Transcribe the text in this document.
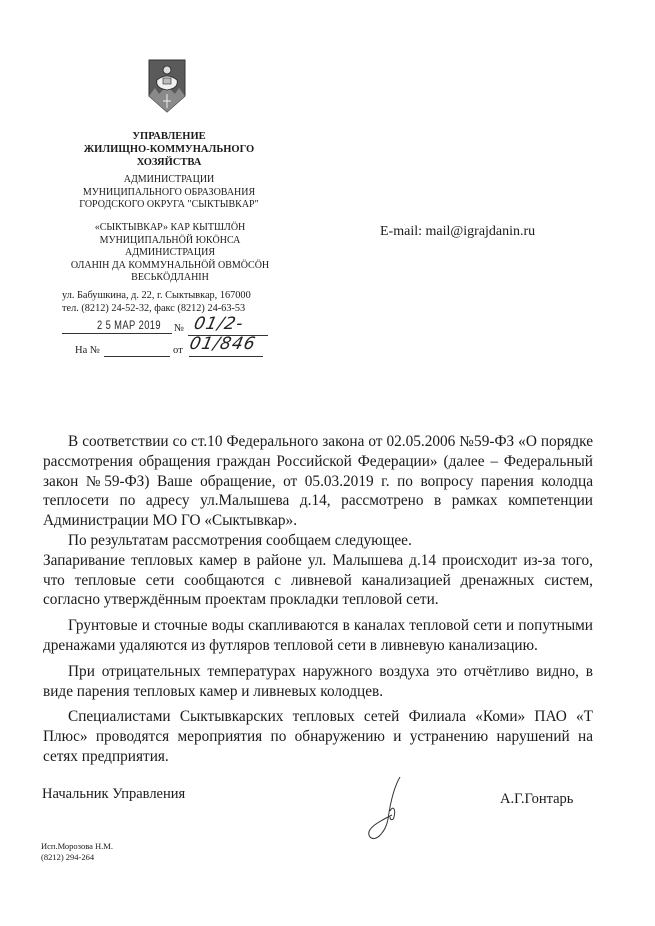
УПРАВЛЕНИЕ
ЖИЛИЩНО-КОММУНАЛЬНОГО
ХОЗЯЙСТВА
АДМИНИСТРАЦИИ
МУНИЦИПАЛЬНОГО ОБРАЗОВАНИЯ
ГОРОДСКОГО ОКРУГА "СЫКТЫВКАР"
«СЫКТЫВКАР» КАР КЫТШЛÖН
МУНИЦИПАЛЬНÖЙ ЮКÖНСА
АДМИНИСТРАЦИЯ
ОЛАНІН ДА КОММУНАЛЬНÖЙ ОВМÖСÖН
ВЕСЬКÖДЛАНІН
ул. Бабушкина, д. 22, г. Сыктывкар, 167000
тел. (8212) 24-52-32, факс (8212) 24-63-53
2 5 МАР 2019 № 01/2-01/846
На №	от
E-mail: mail@igrajdanin.ru

В соответствии со ст.10 Федерального закона от 02.05.2006 №59-ФЗ «О порядке рассмотрения обращения граждан Российской Федерации» (далее – Федеральный закон №59-ФЗ) Ваше обращение, от 05.03.2019 г. по вопросу парения колодца теплосети по адресу ул.Малышева д.14, рассмотрено в рамках компетенции Администрации МО ГО «Сыктывкар».

По результатам рассмотрения сообщаем следующее.

Запаривание тепловых камер в районе ул. Малышева д.14 происходит из-за того, что тепловые сети сообщаются с ливневой канализацией дренажных систем, согласно утверждённым проектам прокладки тепловой сети.

Грунтовые и сточные воды скапливаются в каналах тепловой сети и попутными дренажами удаляются из футляров тепловой сети в ливневую канализацию.

При отрицательных температурах наружного воздуха это отчётливо видно, в виде парения тепловых камер и ливневых колодцев.

Специалистами Сыктывкарских тепловых сетей Филиала «Коми» ПАО «Т Плюс» проводятся мероприятия по обнаружению и устранению нарушений на сетях предприятия.

Начальник Управления	А.Г.Гонтарь
Исп.Морозова Н.М.
(8212) 294-264
